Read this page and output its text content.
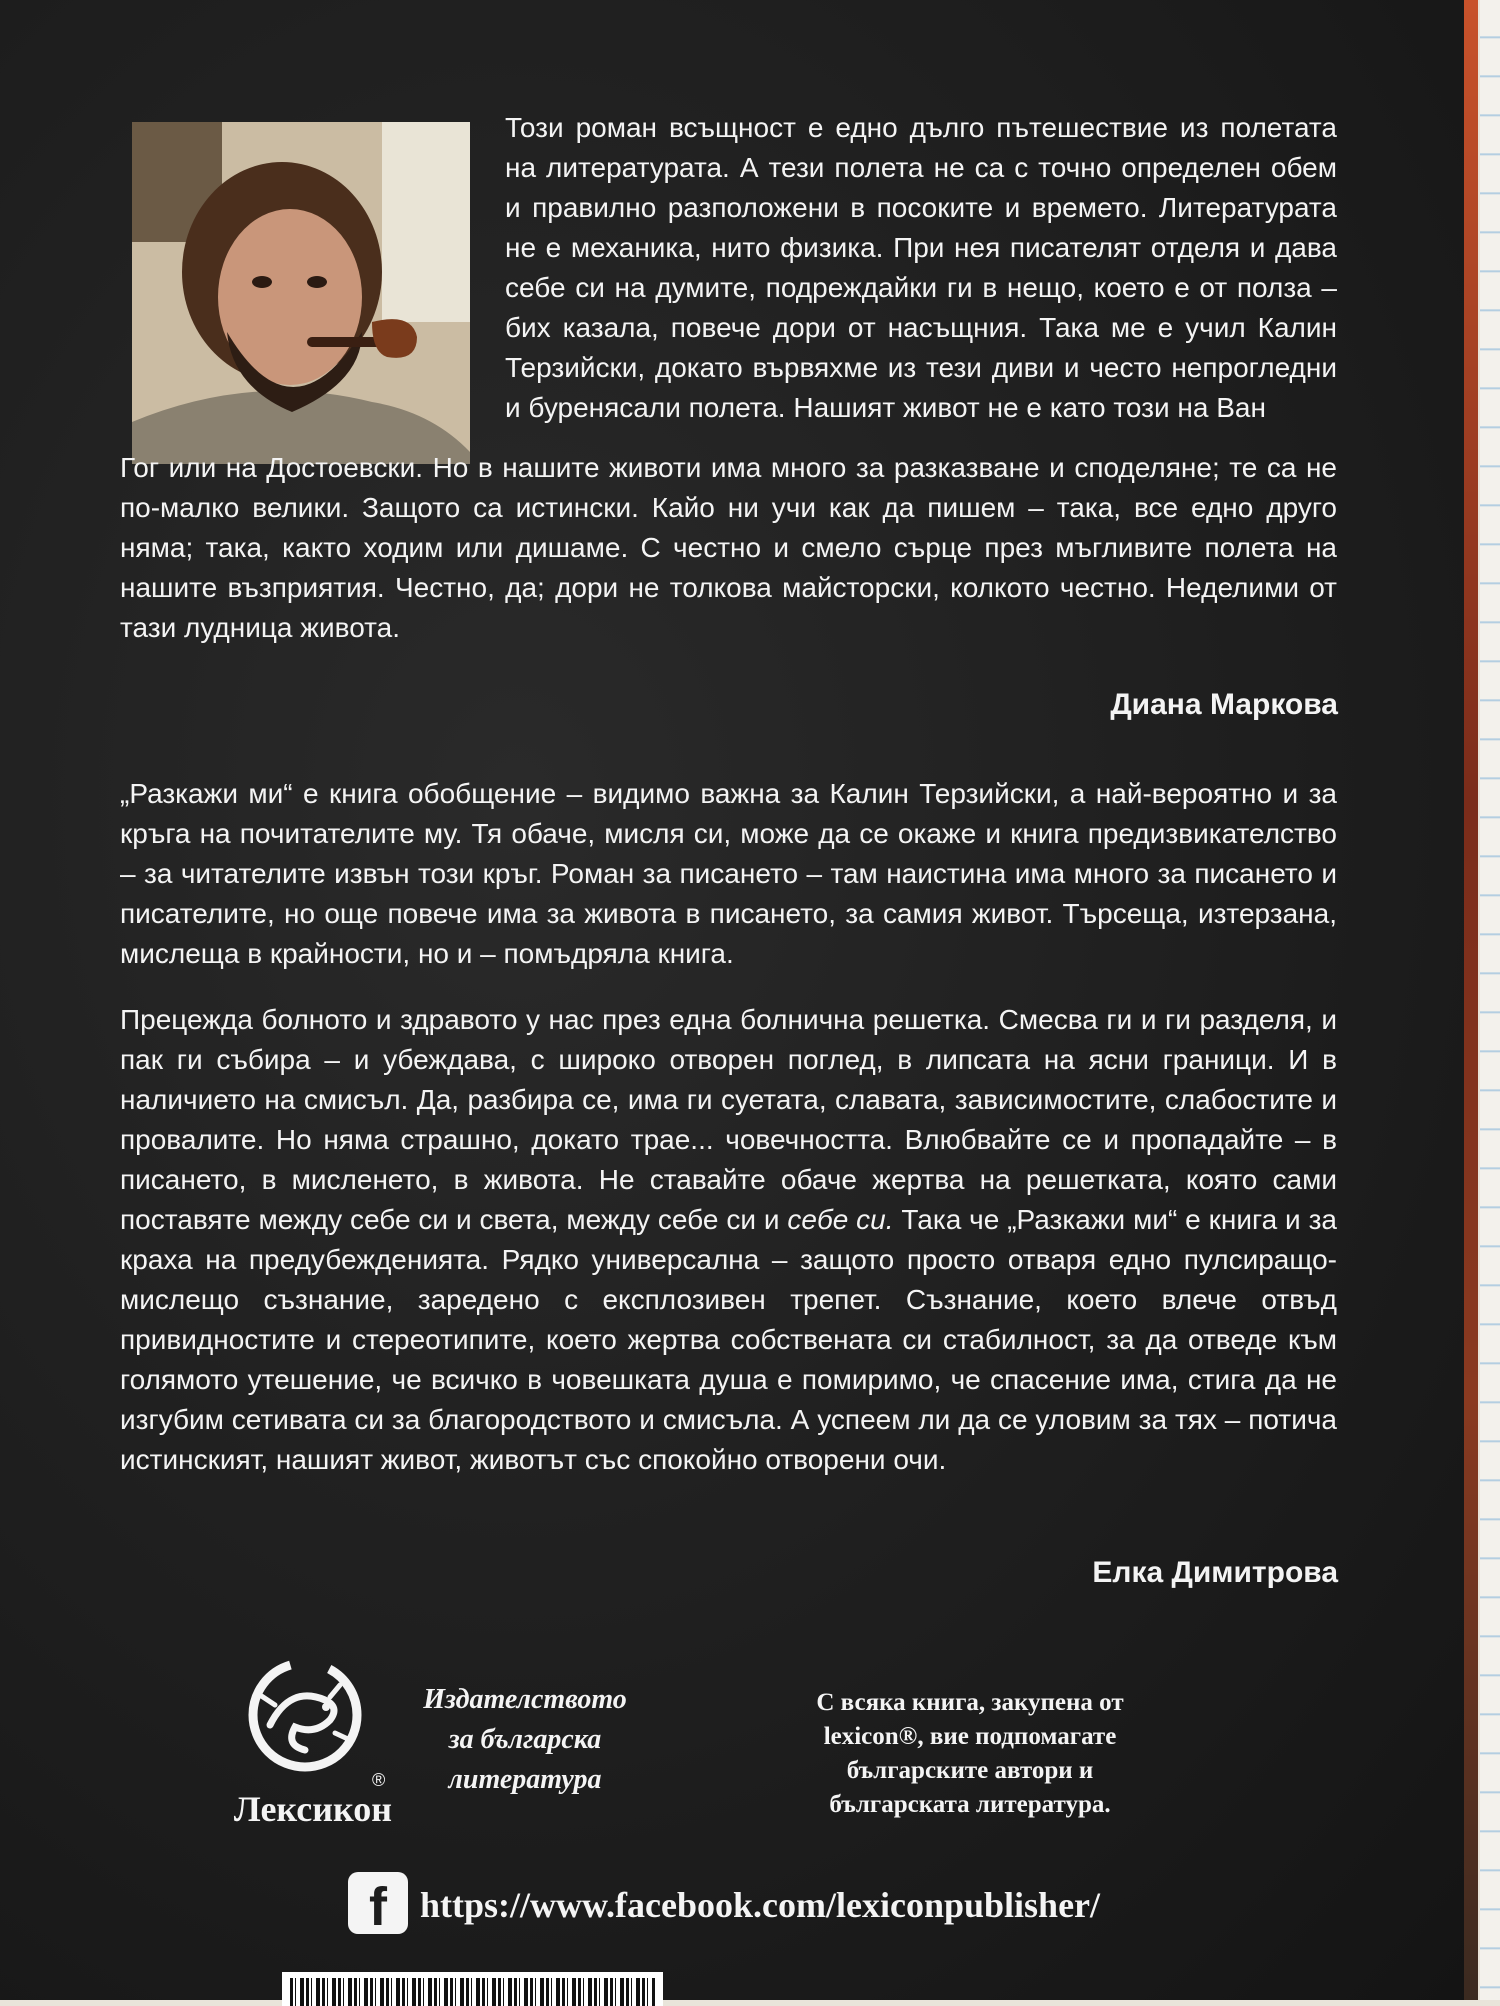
Този роман всъщност е едно дълго пътешествие из полетата на литературата. А тези полета не са с точно определен обем и правилно разположени в посоките и времето. Литературата не е механика, нито физика. При нея писателят отделя и дава себе си на думите, подреждайки ги в нещо, което е от полза – бих казала, повече дори от насъщния. Така ме е учил Калин Терзийски, докато вървяхме из тези диви и често непрогледни и буренясали полета. Нашият живот не е като този на Ван
Гог или на Достоевски. Но в нашите животи има много за разказване и споделяне; те са не по-малко велики. Защото са истински. Кайо ни учи как да пишем – така, все едно друго няма; така, както ходим или дишаме. С честно и смело сърце през мъгливите полета на нашите възприятия. Честно, да; дори не толкова майсторски, колкото честно. Неделими от тази лудница живота.
Диана Маркова
„Разкажи ми“ е книга обобщение – видимо важна за Калин Терзийски, а най-вероятно и за кръга на почитателите му. Тя обаче, мисля си, може да се окаже и книга предизвикателство – за читателите извън този кръг. Роман за писането – там наистина има много за писането и писателите, но още повече има за живота в писането, за самия живот. Търсеща, изтерзана, мислеща в крайности, но и – помъдряла книга.
Прецежда болното и здравото у нас през една болнична решетка. Смесва ги и ги разделя, и пак ги събира – и убеждава, с широко отворен поглед, в липсата на ясни граници. И в наличието на смисъл. Да, разбира се, има ги суетата, славата, зависимостите, слабостите и провалите. Но няма страшно, докато трае... човечността. Влюбвайте се и пропадайте – в писането, в мисленето, в живота. Не ставайте обаче жертва на решетката, която сами поставяте между себе си и света, между себе си и себе си. Така че „Разкажи ми“ е книга и за краха на предубежденията. Рядко универсална – защото просто отваря едно пулсиращо-мислещо съзнание, заредено с експлозивен трепет. Съзнание, което влече отвъд привидностите и стереотипите, което жертва собствената си стабилност, за да отведе към голямото утешение, че всичко в човешката душа е помиримо, че спасение има, стига да не изгубим сетивата си за благородството и смисъла. А успеем ли да се уловим за тях – потича истинският, нашият живот, животът със спокойно отворени очи.
Елка Димитрова
Лексикон
®
Издателството за българска литература
С всяка книга, закупена от
lexicon®, вие подпомагате
българските автори и
българската литература.
f https://www.facebook.com/lexiconpublisher/
